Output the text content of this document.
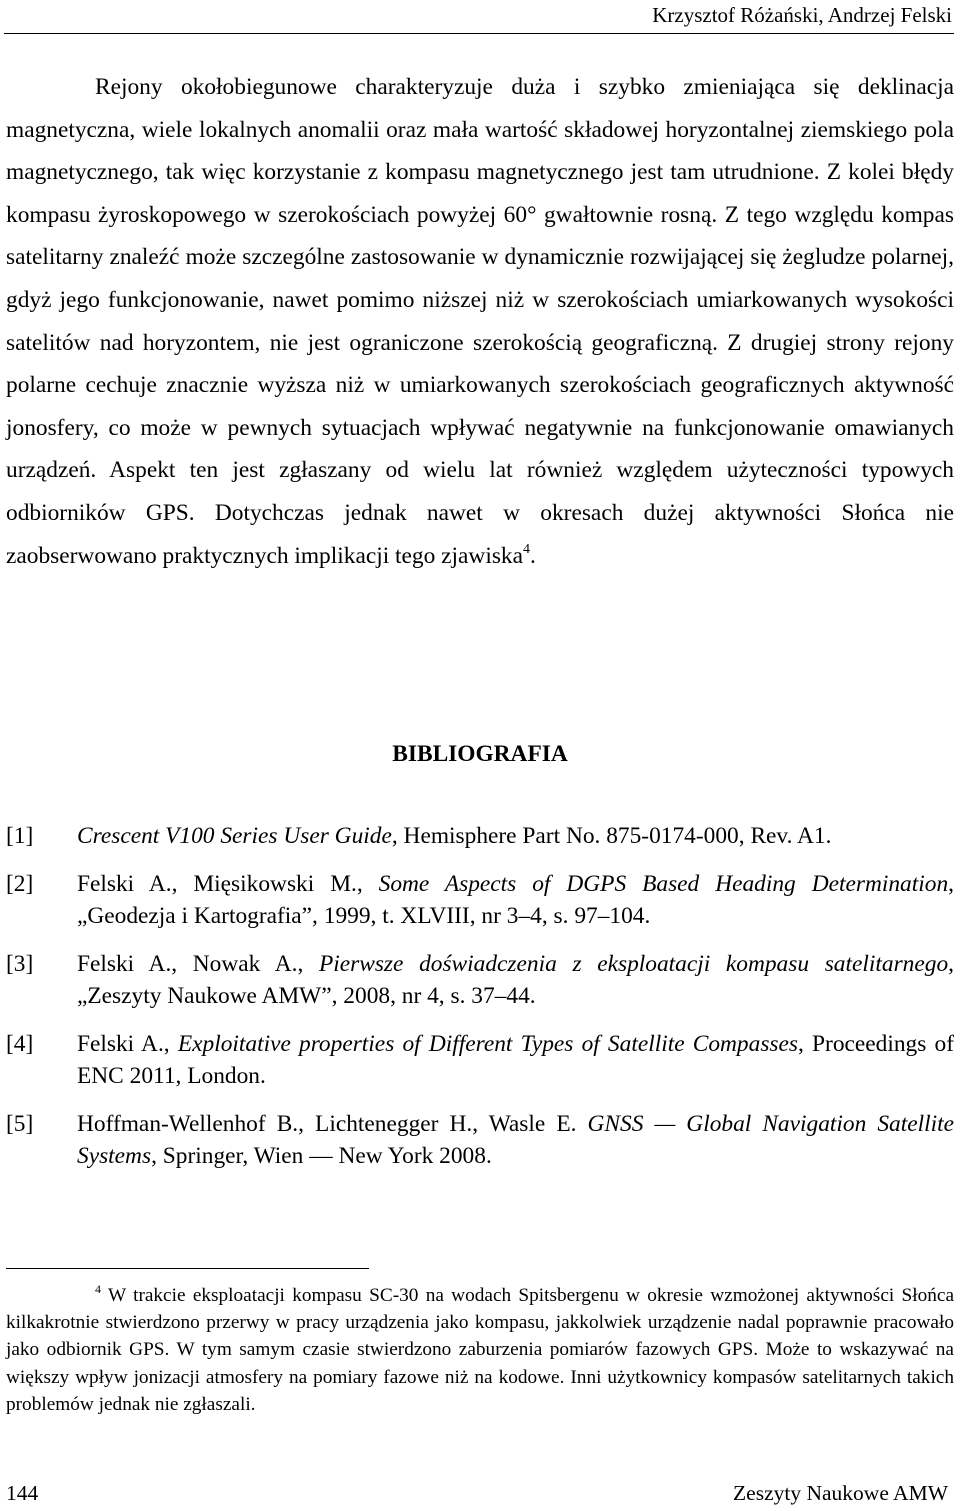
Krzysztof Różański, Andrzej Felski

Rejony okołobiegunowe charakteryzuje duża i szybko zmieniająca się deklinacja magnetyczna, wiele lokalnych anomalii oraz mała wartość składowej horyzontalnej ziemskiego pola magnetycznego, tak więc korzystanie z kompasu magnetycznego jest tam utrudnione. Z kolei błędy kompasu żyroskopowego w szerokościach powyżej 60° gwałtownie rosną. Z tego względu kompas satelitarny znaleźć może szczególne zastosowanie w dynamicznie rozwijającej się żegludze polarnej, gdyż jego funkcjonowanie, nawet pomimo niższej niż w szerokościach umiarkowanych wysokości satelitów nad horyzontem, nie jest ograniczone szerokością geograficzną. Z drugiej strony rejony polarne cechuje znacznie wyższa niż w umiarkowanych szerokościach geograficznych aktywność jonosfery, co może w pewnych sytuacjach wpływać negatywnie na funkcjonowanie omawianych urządzeń. Aspekt ten jest zgłaszany od wielu lat również względem użyteczności typowych odbiorników GPS. Dotychczas jednak nawet w okresach dużej aktywności Słońca nie zaobserwowano praktycznych implikacji tego zjawiska$^4$.

BIBLIOGRAFIA
[1] Crescent V100 Series User Guide, Hemisphere Part No. 875-0174-000, Rev. A1.
[2] Felski A., Mięsikowski M., Some Aspects of DGPS Based Heading Determination, „Geodezja i Kartografia”, 1999, t. XLVIII, nr 3–4, s. 97–104.
[3] Felski A., Nowak A., Pierwsze doświadczenia z eksploatacji kompasu satelitarnego, „Zeszyty Naukowe AMW”, 2008, nr 4, s. 37–44.
[4] Felski A., Exploitative properties of Different Types of Satellite Compasses, Proceedings of ENC 2011, London.
[5] Hoffman-Wellenhof B., Lichtenegger H., Wasle E. GNSS — Global Navigation Satellite Systems, Springer, Wien — New York 2008.

$^4$ W trakcie eksploatacji kompasu SC-30 na wodach Spitsbergenu w okresie wzmożonej aktywności Słońca kilkakrotnie stwierdzono przerwy w pracy urządzenia jako kompasu, jakkolwiek urządzenie nadal poprawnie pracowało jako odbiornik GPS. W tym samym czasie stwierdzono zaburzenia pomiarów fazowych GPS. Może to wskazywać na większy wpływ jonizacji atmosfery na pomiary fazowe niż na kodowe. Inni użytkownicy kompasów satelitarnych takich problemów jednak nie zgłaszali.

144	Zeszyty Naukowe AMW
